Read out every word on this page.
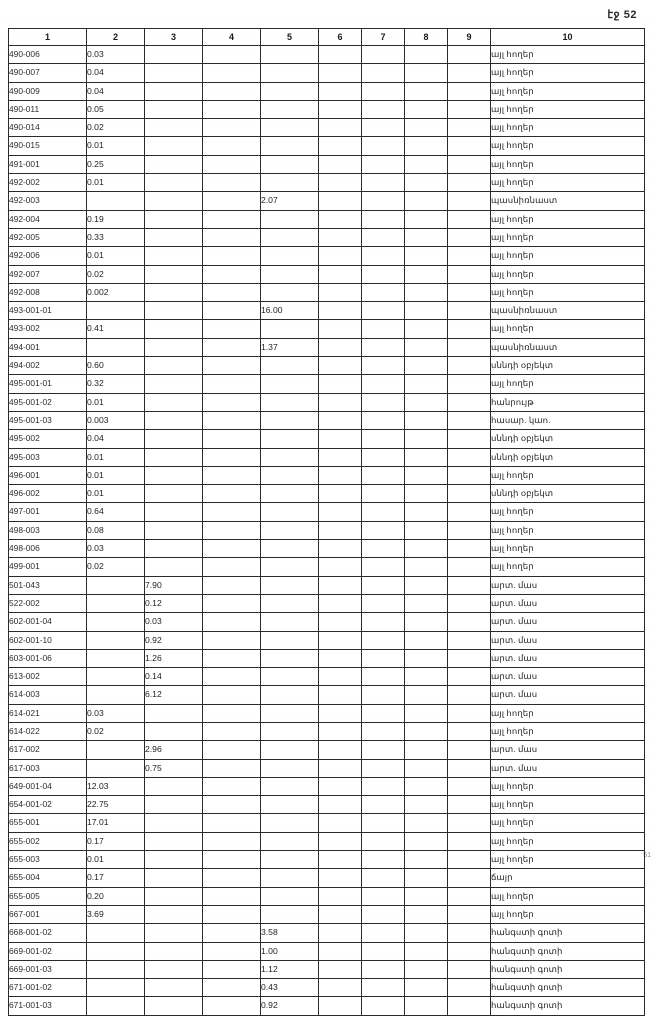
էջ 52
51
1	2	3	4	5	6	7	8	9	10
490-006	0.03								այլ հողեր
490-007	0.04								այլ հողեր
490-009	0.04								այլ հողեր
490-011	0.05								այլ հողեր
490-014	0.02								այլ հողեր
490-015	0.01								այլ հողեր
491-001	0.25								այլ հողեր
492-002	0.01								այլ հողեր
492-003				2.07					պասնիռնաստ
492-004	0.19								այլ հողեր
492-005	0.33								այլ հողեր
492-006	0.01								այլ հողեր
492-007	0.02								այլ հողեր
492-008	0.002								այլ հողեր
493-001-01				16.00					պասնիռնաստ
493-002	0.41								այլ հողեր
494-001				1.37					պասնիռնաստ
494-002	0.60								սննդի օբյեկտ
495-001-01	0.32								այլ հողեր
495-001-02	0.01								հանրույթ
495-001-03	0.003								հասար. կաո.
495-002	0.04								սննդի օբյեկտ
495-003	0.01								սննդի օբյեկտ
496-001	0.01								այլ հողեր
496-002	0.01								սննդի օբյեկտ
497-001	0.64								այլ հողեր
498-003	0.08								այլ հողեր
498-006	0.03								այլ հողեր
499-001	0.02								այլ հողեր
501-043		7.90							արտ. մաս
522-002		0.12							արտ. մաս
602-001-04		0.03							արտ. մաս
602-001-10		0.92							արտ. մաս
603-001-06		1.26							արտ. մաս
613-002		0.14							արտ. մաս
614-003		6.12							արտ. մաս
614-021	0.03								այլ հողեր
614-022	0.02								այլ հողեր
617-002		2.96							արտ. մաս
617-003		0.75							արտ. մաս
649-001-04	12.03								այլ հողեր
654-001-02	22.75								այլ հողեր
655-001	17.01								այլ հողեր
655-002	0.17								այլ հողեր
655-003	0.01								այլ հողեր
655-004	0.17								ճայր
655-005	0.20								այլ հողեր
667-001	3.69								այլ հողեր
668-001-02				3.58					հանգստի գոտի
669-001-02				1.00					հանգստի գոտի
669-001-03				1.12					հանգստի գոտի
671-001-02				0.43					հանգստի գոտի
671-001-03				0.92					հանգստի գոտի
